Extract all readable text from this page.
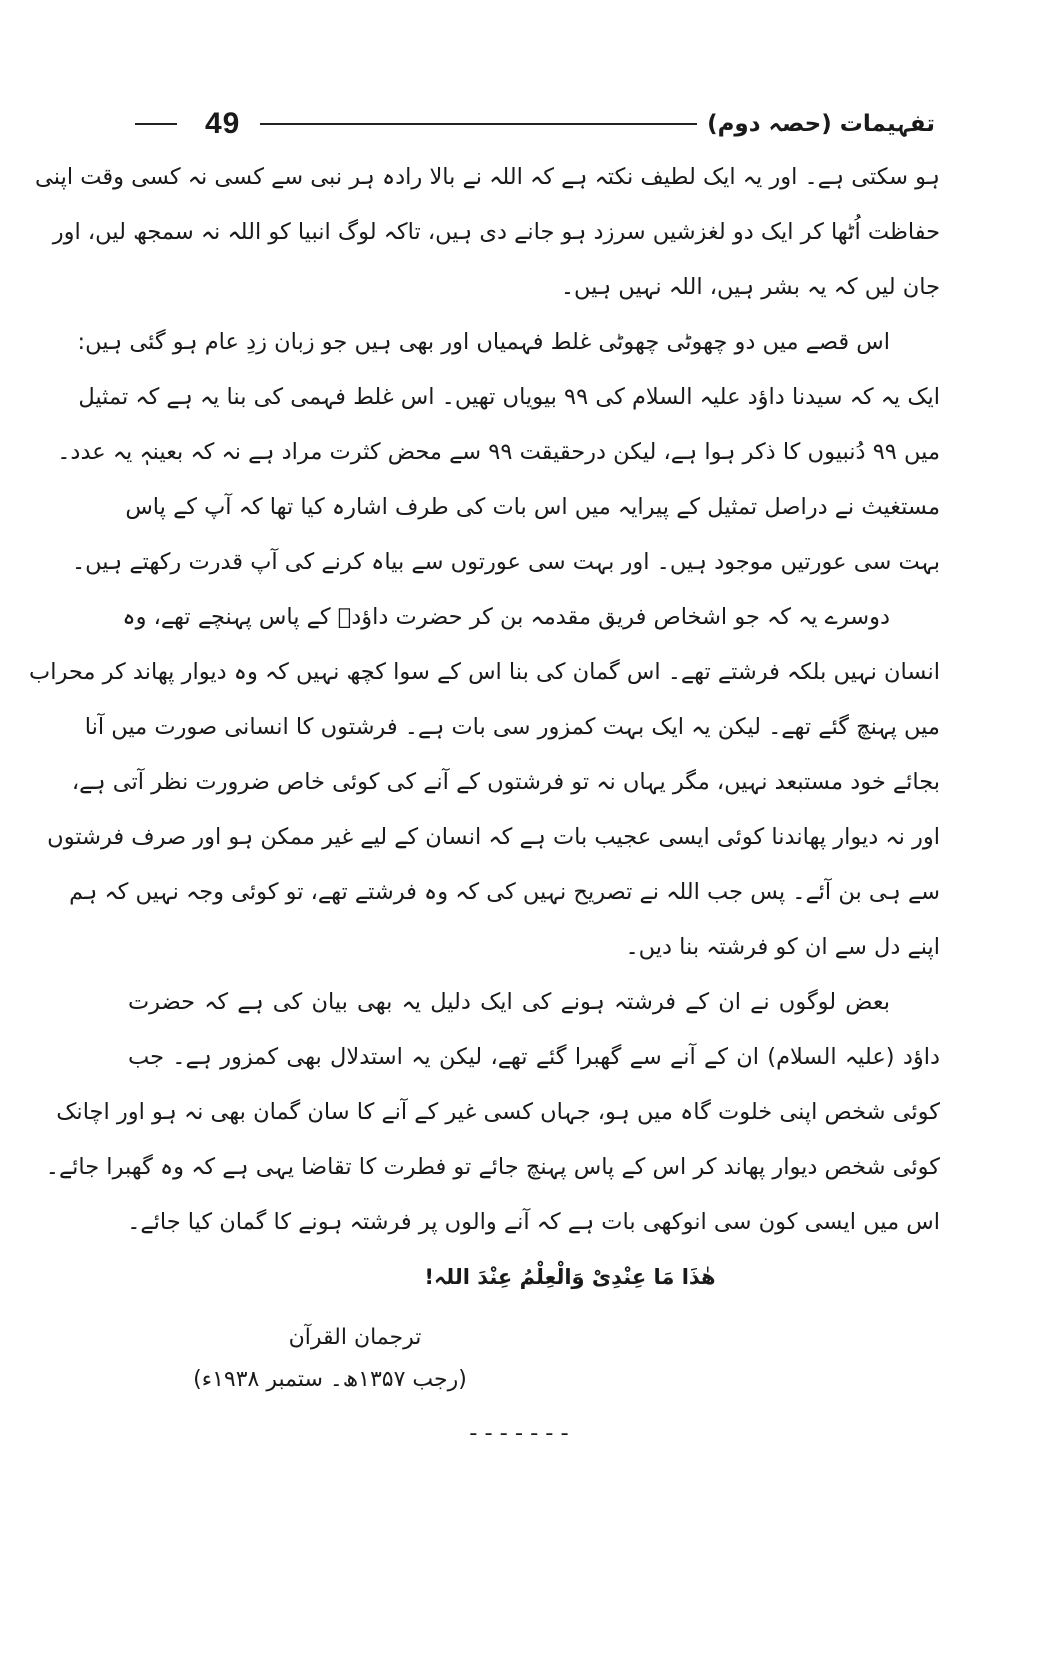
49	تفہیمات (حصہ دوم)
ہو سکتی ہے۔ اور یہ ایک لطیف نکتہ ہے کہ اللہ نے بالا رادہ ہر نبی سے کسی نہ کسی وقت اپنی
حفاظت اُٹھا کر ایک دو لغزشیں سرزد ہو جانے دی ہیں، تاکہ لوگ انبیا کو اللہ نہ سمجھ لیں، اور
جان لیں کہ یہ بشر ہیں، اللہ نہیں ہیں۔
اس قصے میں دو چھوٹی چھوٹی غلط فہمیاں اور بھی ہیں جو زبان زدِ عام ہو گئی ہیں:
ایک یہ کہ سیدنا داؤد علیہ السلام کی ۹۹ بیویاں تھیں۔ اس غلط فہمی کی بنا یہ ہے کہ تمثیل
میں ۹۹ دُنبیوں کا ذکر ہوا ہے، لیکن درحقیقت ۹۹ سے محض کثرت مراد ہے نہ کہ بعینہٖ یہ عدد۔
مستغیث نے دراصل تمثیل کے پیرایہ میں اس بات کی طرف اشارہ کیا تھا کہ آپ کے پاس
بہت سی عورتیں موجود ہیں۔ اور بہت سی عورتوں سے بیاہ کرنے کی آپ قدرت رکھتے ہیں۔
دوسرے یہ کہ جو اشخاص فریق مقدمہ بن کر حضرت داؤدؑ کے پاس پہنچے تھے، وہ
انسان نہیں بلکہ فرشتے تھے۔ اس گمان کی بنا اس کے سوا کچھ نہیں کہ وہ دیوار پھاند کر محراب
میں پہنچ گئے تھے۔ لیکن یہ ایک بہت کمزور سی بات ہے۔ فرشتوں کا انسانی صورت میں آنا
بجائے خود مستبعد نہیں، مگر یہاں نہ تو فرشتوں کے آنے کی کوئی خاص ضرورت نظر آتی ہے،
اور نہ دیوار پھاندنا کوئی ایسی عجیب بات ہے کہ انسان کے لیے غیر ممکن ہو اور صرف فرشتوں
سے ہی بن آئے۔ پس جب اللہ نے تصریح نہیں کی کہ وہ فرشتے تھے، تو کوئی وجہ نہیں کہ ہم
اپنے دل سے ان کو فرشتہ بنا دیں۔
بعض لوگوں نے ان کے فرشتہ ہونے کی ایک دلیل یہ بھی بیان کی ہے کہ حضرت
داؤد (علیہ السلام) ان کے آنے سے گھبرا گئے تھے، لیکن یہ استدلال بھی کمزور ہے۔ جب
کوئی شخص اپنی خلوت گاہ میں ہو، جہاں کسی غیر کے آنے کا سان گمان بھی نہ ہو اور اچانک
کوئی شخص دیوار پھاند کر اس کے پاس پہنچ جائے تو فطرت کا تقاضا یہی ہے کہ وہ گھبرا جائے۔
اس میں ایسی کون سی انوکھی بات ہے کہ آنے والوں پر فرشتہ ہونے کا گمان کیا جائے۔
ھٰذَا مَا عِنْدِیْ وَالْعِلْمُ عِنْدَ اللہ!
ترجمان القرآن
(رجب ۱۳۵۷ھ۔ ستمبر ۱۹۳۸ء)
-------
